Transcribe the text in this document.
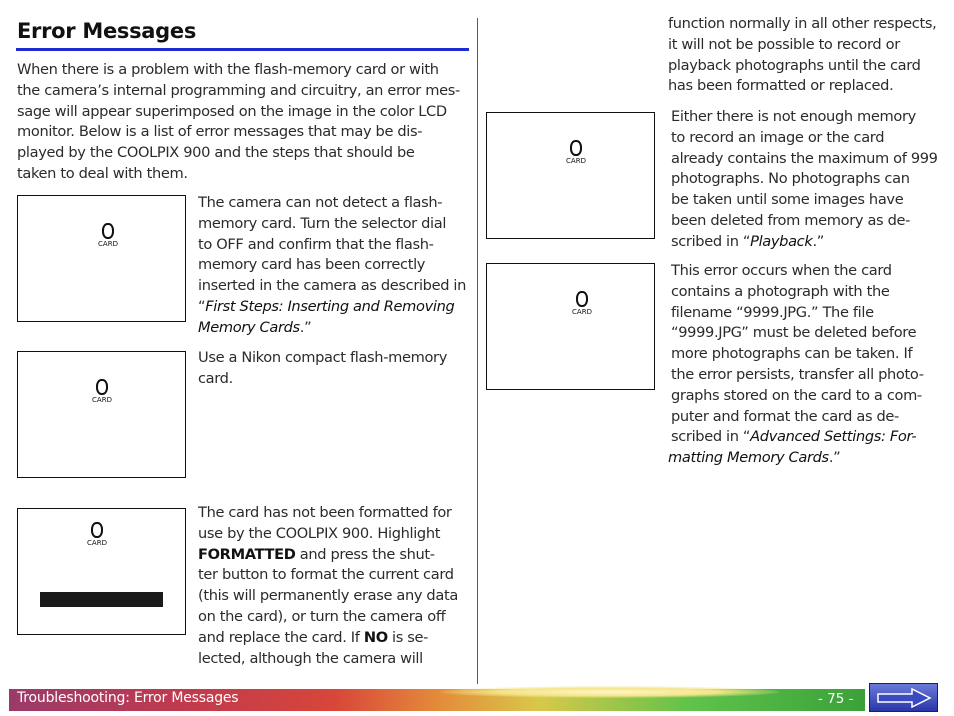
Error Messages
When there is a problem with the flash-memory card or with
the camera’s internal programming and circuitry, an error mes-
sage will appear superimposed on the image in the color LCD
monitor. Below is a list of error messages that may be dis-
played by the COOLPIX 900 and the steps that should be
taken to deal with them.
CARD
The camera can not detect a flash-
memory card. Turn the selector dial
to OFF and confirm that the flash-
memory card has been correctly
inserted in the camera as described in
“First Steps: Inserting and Removing
Memory Cards.”
CARD
Use a Nikon compact flash-memory
card.
CARD
The card has not been formatted for
use by the COOLPIX 900. Highlight
FORMATTED and press the shut-
ter button to format the current card
(this will permanently erase any data
on the card), or turn the camera off
and replace the card. If NO is se-
lected, although the camera will
function normally in all other respects,
it will not be possible to record or
playback photographs until the card
has been formatted or replaced.
CARD
Either there is not enough memory
to record an image or the card
already contains the maximum of 999
photographs. No photographs can
be taken until some images have
been deleted from memory as de-
scribed in “Playback.”
CARD
This error occurs when the card
contains a photograph with the
filename “9999.JPG.” The file
“9999.JPG” must be deleted before
more photographs can be taken. If
the error persists, transfer all photo-
graphs stored on the card to a com-
puter and format the card as de-
scribed in “Advanced Settings: For-
matting Memory Cards.”
Troubleshooting: Error Messages	- 75 -
